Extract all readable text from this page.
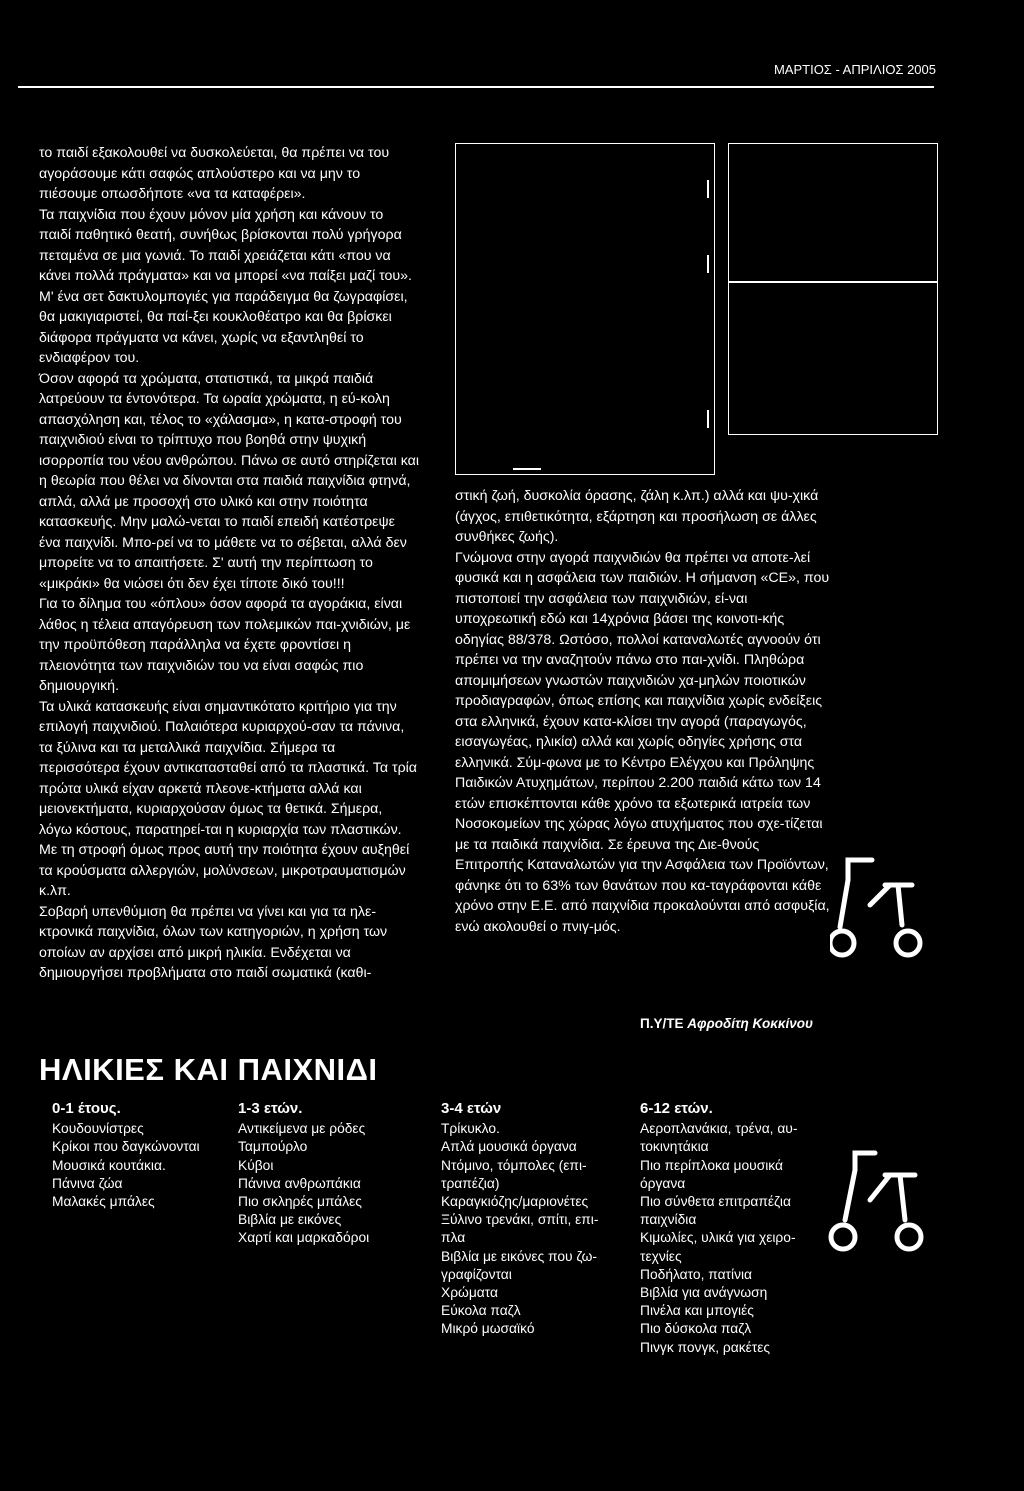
ΜΑΡΤΙΟΣ - ΑΠΡΙΛΙΟΣ 2005

το παιδί εξακολουθεί να δυσκολεύεται, θα πρέπει να του αγοράσουμε κάτι σαφώς απλούστερο και να μην το πιέσουμε οπωσδήποτε «να τα καταφέρει».

Τα παιχνίδια που έχουν μόνον μία χρήση και κάνουν το παιδί παθητικό θεατή, συνήθως βρίσκονται πολύ γρήγορα πεταμένα σε μια γωνιά. Το παιδί χρειάζεται κάτι «που να κάνει πολλά πράγματα» και να μπορεί «να παίξει μαζί του». Μ' ένα σετ δακτυλομπογιές για παράδειγμα θα ζωγραφίσει, θα μακιγιαριστεί, θα παί-ξει κουκλοθέατρο και θα βρίσκει διάφορα πράγματα να κάνει, χωρίς να εξαντληθεί το ενδιαφέρον του.

Όσον αφορά τα χρώματα, στατιστικά, τα μικρά παιδιά λατρεύουν τα έντονότερα. Τα ωραία χρώματα, η εύ-κολη απασχόληση και, τέλος το «χάλασμα», η κατα-στροφή του παιχνιδιού είναι το τρίπτυχο που βοηθά στην ψυχική ισορροπία του νέου ανθρώπου. Πάνω σε αυτό στηρίζεται και η θεωρία που θέλει να δίνονται στα παιδιά παιχνίδια φτηνά, απλά, αλλά με προσοχή στο υλικό και στην ποιότητα κατασκευής. Μην μαλώ-νεται το παιδί επειδή κατέστρεψε ένα παιχνίδι. Μπο-ρεί να το μάθετε να το σέβεται, αλλά δεν μπορείτε να το απαιτήσετε. Σ' αυτή την περίπτωση το «μικράκι» θα νιώσει ότι δεν έχει τίποτε δικό του!!!

Για το δίλημα του «όπλου» όσον αφορά τα αγοράκια, είναι λάθος η τέλεια απαγόρευση των πολεμικών παι-χνιδιών, με την προϋπόθεση παράλληλα να έχετε φροντίσει η πλειονότητα των παιχνιδιών του να είναι σαφώς πιο δημιουργική.

Τα υλικά κατασκευής είναι σημαντικότατο κριτήριο για την επιλογή παιχνιδιού. Παλαιότερα κυριαρχού-σαν τα πάνινα, τα ξύλινα και τα μεταλλικά παιχνίδια. Σήμερα τα περισσότερα έχουν αντικατασταθεί από τα πλαστικά. Τα τρία πρώτα υλικά είχαν αρκετά πλεονε-κτήματα αλλά και μειονεκτήματα, κυριαρχούσαν όμως τα θετικά. Σήμερα, λόγω κόστους, παρατηρεί-ται η κυριαρχία των πλαστικών. Με τη στροφή όμως προς αυτή την ποιότητα έχουν αυξηθεί τα κρούσματα αλλεργιών, μολύνσεων, μικροτραυματισμών κ.λπ.

Σοβαρή υπενθύμιση θα πρέπει να γίνει και για τα ηλε-κτρονικά παιχνίδια, όλων των κατηγοριών, η χρήση των οποίων αν αρχίσει από μικρή ηλικία. Ενδέχεται να δημιουργήσει προβλήματα στο παιδί σωματικά (καθι-

στική ζωή, δυσκολία όρασης, ζάλη κ.λπ.) αλλά και ψυ-χικά (άγχος, επιθετικότητα, εξάρτηση και προσήλωση σε άλλες συνθήκες ζωής).

Γνώμονα στην αγορά παιχνιδιών θα πρέπει να αποτε-λεί φυσικά και η ασφάλεια των παιδιών. Η σήμανση «CE», που πιστοποιεί την ασφάλεια των παιχνιδιών, εί-ναι υποχρεωτική εδώ και 14χρόνια βάσει της κοινοτι-κής οδηγίας 88/378. Ωστόσο, πολλοί καταναλωτές αγνοούν ότι πρέπει να την αναζητούν πάνω στο παι-χνίδι. Πληθώρα απομιμήσεων γνωστών παιχνιδιών χα-μηλών ποιοτικών προδιαγραφών, όπως επίσης και παιχνίδια χωρίς ενδείξεις στα ελληνικά, έχουν κατα-κλίσει την αγορά (παραγωγός, εισαγωγέας, ηλικία) αλλά και χωρίς οδηγίες χρήσης στα ελληνικά. Σύμ-φωνα με το Κέντρο Ελέγχου και Πρόληψης Παιδικών Ατυχημάτων, περίπου 2.200 παιδιά κάτω των 14 ετών επισκέπτονται κάθε χρόνο τα εξωτερικά ιατρεία των Νοσοκομείων της χώρας λόγω ατυχήματος που σχε-τίζεται με τα παιδικά παιχνίδια. Σε έρευνα της Διε-θνούς Επιτροπής Καταναλωτών για την Ασφάλεια των Προϊόντων, φάνηκε ότι το 63% των θανάτων που κα-ταγράφονται κάθε χρόνο στην Ε.Ε. από παιχνίδια προκαλούνται από ασφυξία, ενώ ακολουθεί ο πνιγ-μός.

Π.Υ/ΤΕ Αφροδίτη Κοκκίνου
ΗΛΙΚΙΕΣ ΚΑΙ ΠΑΙΧΝΙΔΙ
0-1 έτους.
Κουδουνίστρες
Κρίκοι που δαγκώνονται
Μουσικά κουτάκια.
Πάνινα ζώα
Μαλακές μπάλες
1-3 ετών.
Αντικείμενα με ρόδες
Ταμπούρλο
Κύβοι
Πάνινα ανθρωπάκια
Πιο σκληρές μπάλες
Βιβλία με εικόνες
Χαρτί και μαρκαδόροι
3-4 ετών
Τρίκυκλο.
Απλά μουσικά όργανα
Ντόμινο, τόμπολες (επι-
τραπέζια)
Καραγκιόζης/μαριονέτες
Ξύλινο τρενάκι, σπίτι, επι-
πλα
Βιβλία με εικόνες που ζω-
γραφίζονται
Χρώματα
Εύκολα παζλ
Μικρό μωσαϊκό
6-12 ετών.
Αεροπλανάκια, τρένα, αυ-
τοκινητάκια
Πιο περίπλοκα μουσικά
όργανα
Πιο σύνθετα επιτραπέζια
παιχνίδια
Κιμωλίες, υλικά για χειρο-
τεχνίες
Ποδήλατο, πατίνια
Βιβλία για ανάγνωση
Πινέλα και μπογιές
Πιο δύσκολα παζλ
Πινγκ πονγκ, ρακέτες
